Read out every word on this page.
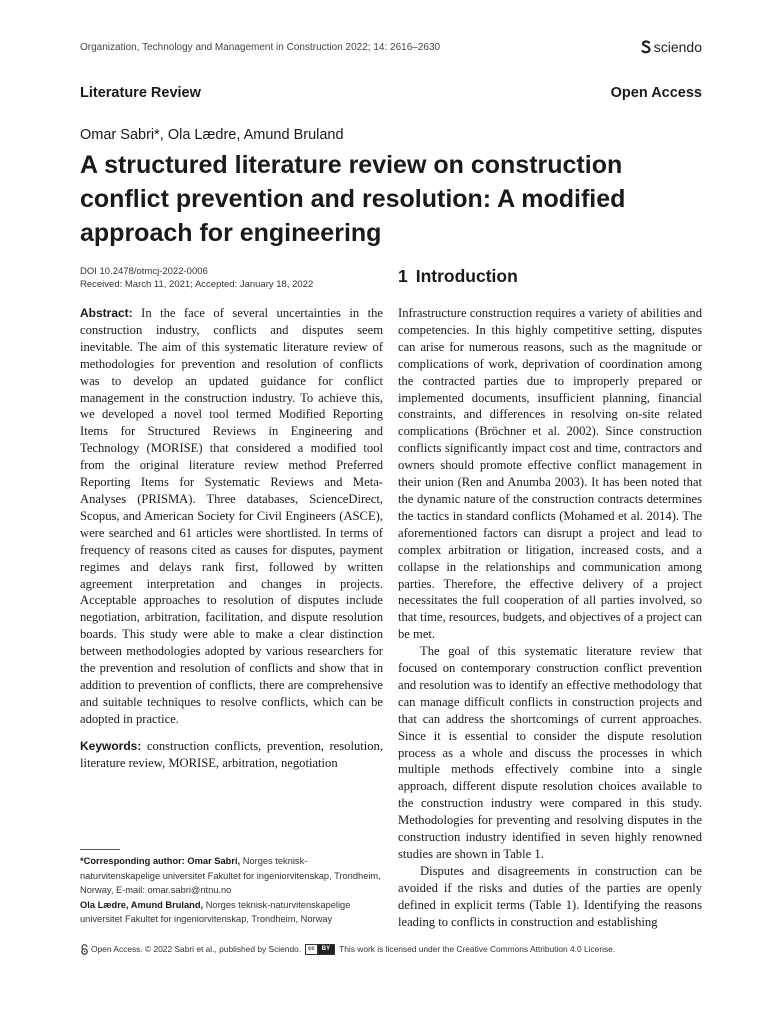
Organization, Technology and Management in Construction 2022; 14: 2616–2630	sciendo
Literature Review	Open Access
Omar Sabri*, Ola Lædre, Amund Bruland
A structured literature review on construction conflict prevention and resolution: A modified approach for engineering
DOI 10.2478/otmcj-2022-0006
Received: March 11, 2021; Accepted: January 18, 2022

Abstract: In the face of several uncertainties in the construction industry, conflicts and disputes seem inevitable. The aim of this systematic literature review of methodologies for prevention and resolution of conflicts was to develop an updated guidance for conflict management in the construction industry. To achieve this, we developed a novel tool termed Modified Reporting Items for Structured Reviews in Engineering and Technology (MORISE) that considered a modified tool from the original literature review method Preferred Reporting Items for Systematic Reviews and Meta-Analyses (PRISMA). Three databases, ScienceDirect, Scopus, and American Society for Civil Engineers (ASCE), were searched and 61 articles were shortlisted. In terms of frequency of reasons cited as causes for disputes, payment regimes and delays rank first, followed by written agreement interpretation and changes in projects. Acceptable approaches to resolution of disputes include negotiation, arbitration, facilitation, and dispute resolution boards. This study were able to make a clear distinction between methodologies adopted by various researchers for the prevention and resolution of conflicts and show that in addition to prevention of conflicts, there are comprehensive and suitable techniques to resolve conflicts, which can be adopted in practice.

Keywords: construction conflicts, prevention, resolution, literature review, MORISE, arbitration, negotiation

*Corresponding author: Omar Sabri, Norges teknisk-naturvitenskapelige universitet Fakultet for ingeniorvitenskap, Trondheim, Norway, E-mail: omar.sabri@ntnu.no

Ola Lædre, Amund Bruland, Norges teknisk-naturvitenskapelige universitet Fakultet for ingeniorvitenskap, Trondheim, Norway

1 Introduction

Infrastructure construction requires a variety of abilities and competencies. In this highly competitive setting, disputes can arise for numerous reasons, such as the magnitude or complications of work, deprivation of coordination among the contracted parties due to improperly prepared or implemented documents, insufficient planning, financial constraints, and differences in resolving on-site related complications (Bröchner et al. 2002). Since construction conflicts significantly impact cost and time, contractors and owners should promote effective conflict management in their union (Ren and Anumba 2003). It has been noted that the dynamic nature of the construction contracts determines the tactics in standard conflicts (Mohamed et al. 2014). The aforementioned factors can disrupt a project and lead to complex arbitration or litigation, increased costs, and a collapse in the relationships and communication among parties. Therefore, the effective delivery of a project necessitates the full cooperation of all parties involved, so that time, resources, budgets, and objectives of a project can be met.

The goal of this systematic literature review that focused on contemporary construction conflict prevention and resolution was to identify an effective methodology that can manage difficult conflicts in construction projects and that can address the shortcomings of current approaches. Since it is essential to consider the dispute resolution process as a whole and discuss the processes in which multiple methods effectively combine into a single approach, different dispute resolution choices available to the construction industry were compared in this study. Methodologies for preventing and resolving disputes in the construction industry identified in seven highly renowned studies are shown in Table 1.

Disputes and disagreements in construction can be avoided if the risks and duties of the parties are openly defined in explicit terms (Table 1). Identifying the reasons leading to conflicts in construction and establishing

Open Access. © 2022 Sabri et al., published by Sciendo.	cc	BY	This work is licensed under the Creative Commons Attribution 4.0 License.
